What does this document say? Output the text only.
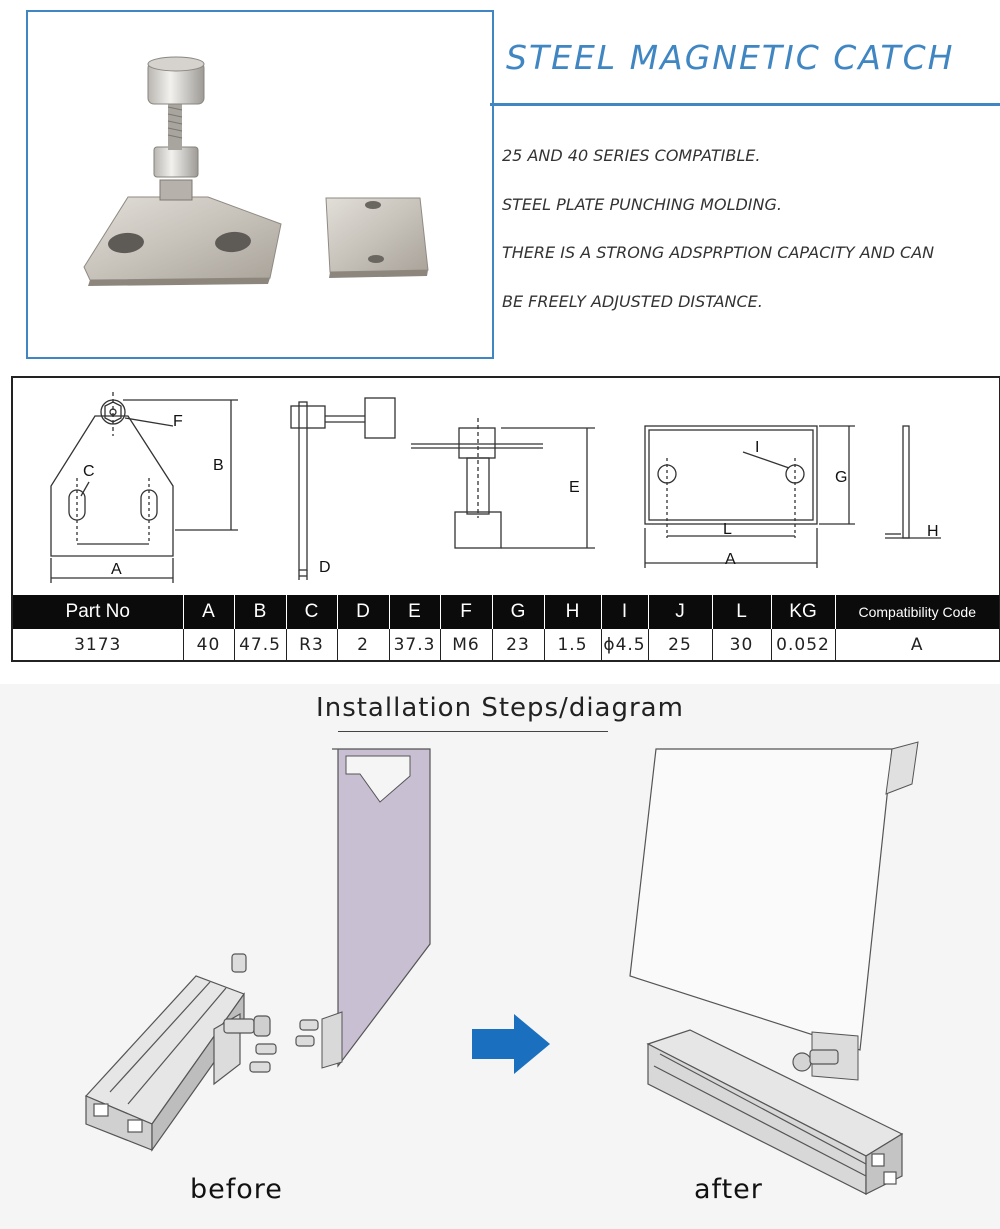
STEEL MAGNETIC CATCH
25 AND 40 SERIES COMPATIBLE.
STEEL PLATE PUNCHING MOLDING.
THERE IS A STRONG ADSPRPTION CAPACITY AND CAN
BE FREELY ADJUSTED DISTANCE.
F
B
C
A	D
E
I
G
L
A
H
Part No	A	B	C	D	E	F	G	H	I	J	L	KG	Compatibility Code
3173	40	47.5	R3	2	37.3	M6	23	1.5	ϕ4.5	25	30	0.052	A
Installation Steps/diagram
before	after
